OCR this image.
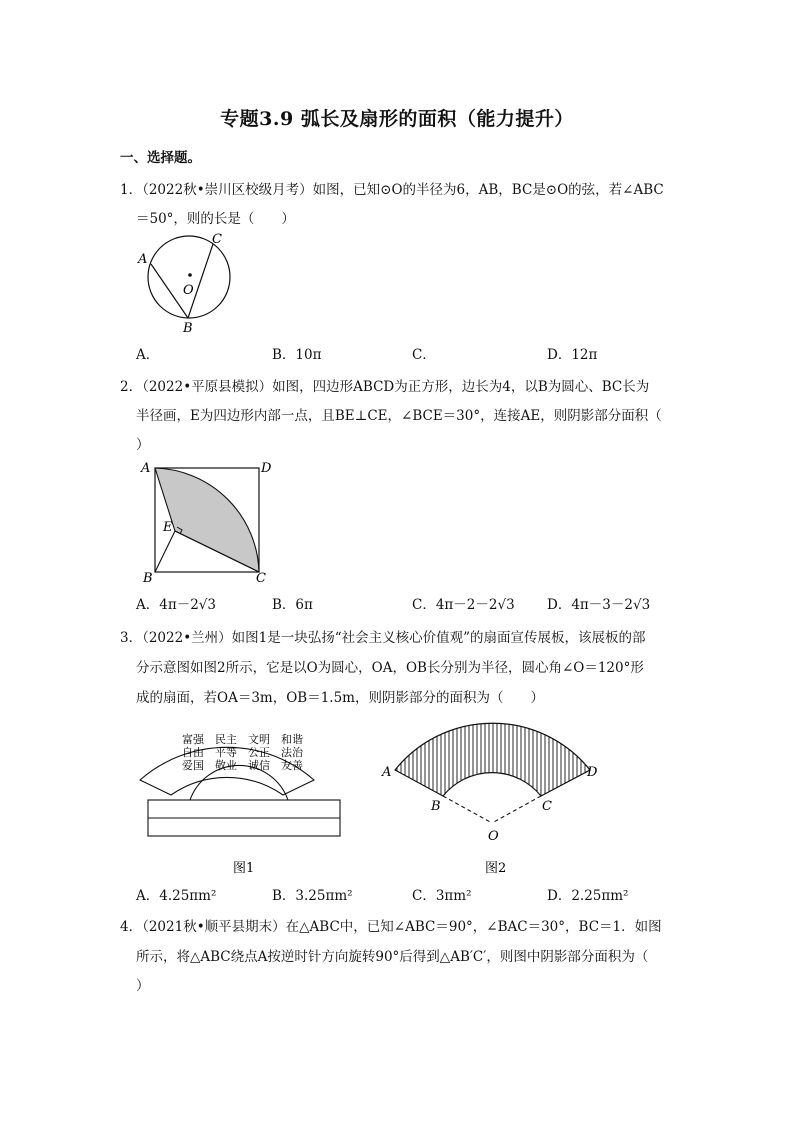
专题3.9 弧长及扇形的面积（能力提升）
一、选择题。
1．（2022秋•崇川区校级月考）如图，已知⊙O的半径为6，AB，BC是⊙O的弦，若∠ABC
＝50°，则的长是（　　）
A
C
O
B
A．	B．10π	C．	D．12π
2．（2022•平原县模拟）如图，四边形ABCD为正方形，边长为4，以B为圆心、BC长为
半径画，E为四边形内部一点，且BE⊥CE，∠BCE＝30°，连接AE，则阴影部分面积（
）
A	D
E
B	C
A．4π－2√3	B．6π	C．4π－2－2√3 D．4π－3－2√3
3．（2022•兰州）如图1是一块弘扬“社会主义核心价值观”的扇面宣传展板，该展板的部
分示意图如图2所示，它是以O为圆心，OA，OB长分别为半径，圆心角∠O＝120°形
成的扇面，若OA＝3m，OB＝1.5m，则阴影部分的面积为（　　）
富强　民主　文明　和谐
自由　平等　公正　法治
爱国　敬业　诚信　友善
图1
A	D
B	C
O
图2
A．4.25πm²	B．3.25πm²	C．3πm²	D．2.25πm²
4．（2021秋•顺平县期末）在△ABC中，已知∠ABC＝90°，∠BAC＝30°，BC＝1．如图
所示，将△ABC绕点A按逆时针方向旋转90°后得到△AB′C′，则图中阴影部分面积为（
）
